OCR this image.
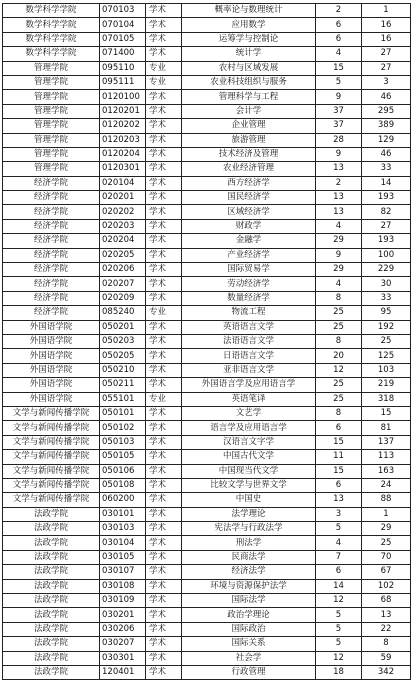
数学科学学院	070103	学术	概率论与数理统计	2	1
数学科学学院	070104	学术	应用数学	6	16
数学科学学院	070105	学术	运筹学与控制论	6	16
数学科学学院	071400	学术	统计学	4	27
管理学院	095110	专业	农村与区域发展	15	27
管理学院	095111	专业	农业科技组织与服务	5	3
管理学院	0120100	学术	管理科学与工程	9	46
管理学院	0120201	学术	会计学	37	295
管理学院	0120202	学术	企业管理	37	389
管理学院	0120203	学术	旅游管理	28	129
管理学院	0120204	学术	技术经济及管理	9	46
管理学院	0120301	学术	农业经济管理	13	33
经济学院	020104	学术	西方经济学	2	14
经济学院	020201	学术	国民经济学	13	193
经济学院	020202	学术	区域经济学	13	82
经济学院	020203	学术	财政学	4	27
经济学院	020204	学术	金融学	29	193
经济学院	020205	学术	产业经济学	9	100
经济学院	020206	学术	国际贸易学	29	229
经济学院	020207	学术	劳动经济学	4	30
经济学院	020209	学术	数量经济学	8	33
经济学院	085240	专业	物流工程	25	95
外国语学院	050201	学术	英语语言文学	25	192
外国语学院	050203	学术	法语语言文学	8	25
外国语学院	050205	学术	日语语言文学	20	125
外国语学院	050210	学术	亚非语言文学	12	103
外国语学院	050211	学术	外国语言学及应用语言学	25	219
外国语学院	055101	专业	英语笔译	25	318
文学与新闻传播学院	050101	学术	文艺学	8	15
文学与新闻传播学院	050102	学术	语言学及应用语言学	6	81
文学与新闻传播学院	050103	学术	汉语言文字学	15	137
文学与新闻传播学院	050105	学术	中国古代文学	11	113
文学与新闻传播学院	050106	学术	中国现当代文学	15	163
文学与新闻传播学院	050108	学术	比较文学与世界文学	6	24
文学与新闻传播学院	060200	学术	中国史	13	88
法政学院	030101	学术	法学理论	3	1
法政学院	030103	学术	宪法学与行政法学	5	29
法政学院	030104	学术	刑法学	4	25
法政学院	030105	学术	民商法学	7	70
法政学院	030107	学术	经济法学	6	67
法政学院	030108	学术	环境与资源保护法学	14	102
法政学院	030109	学术	国际法学	12	68
法政学院	030201	学术	政治学理论	5	13
法政学院	030206	学术	国际政治	5	22
法政学院	030207	学术	国际关系	5	8
法政学院	030301	学术	社会学	12	59
法政学院	120401	学术	行政管理	18	342
